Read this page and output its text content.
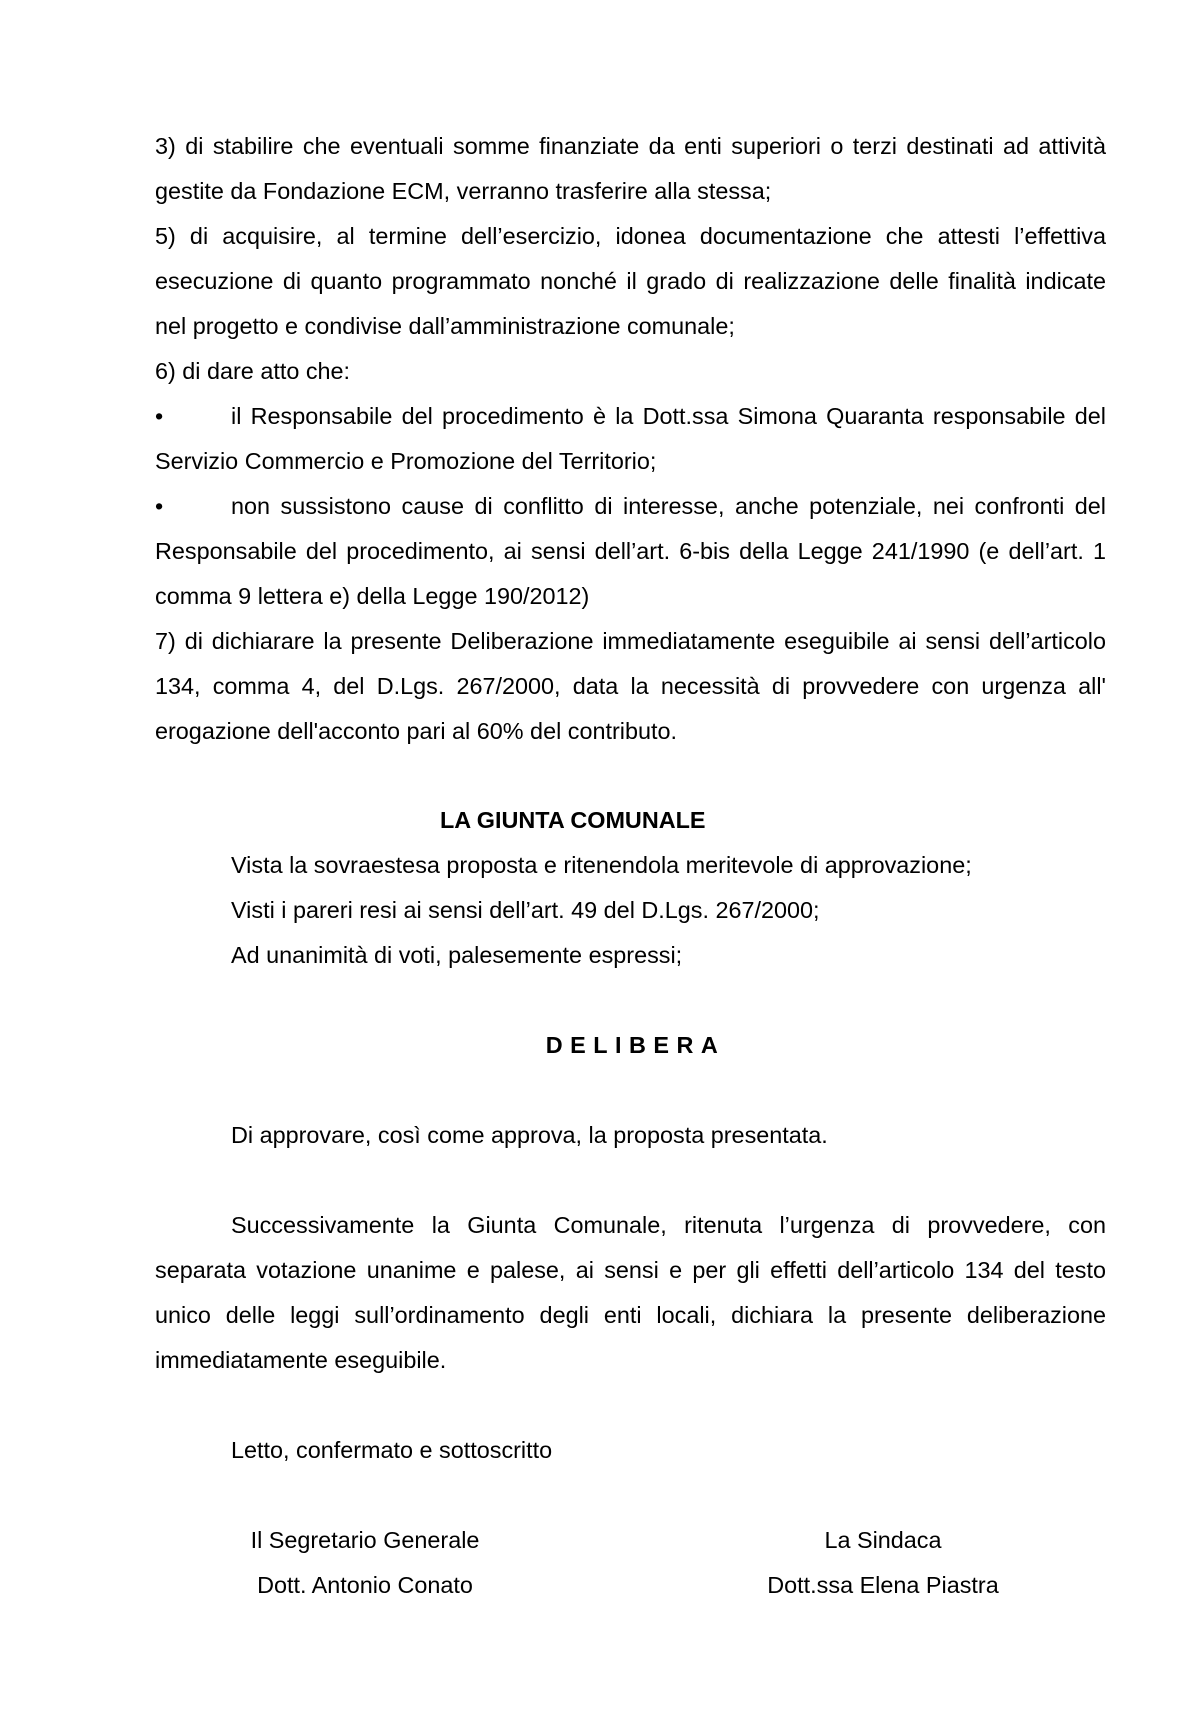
3) di stabilire che eventuali somme finanziate da enti superiori o terzi destinati ad attività gestite da Fondazione ECM, verranno trasferire alla stessa;

5) di acquisire, al termine dell’esercizio, idonea documentazione che attesti l’effettiva esecuzione di quanto programmato nonché il grado di realizzazione delle finalità indicate nel progetto e condivise dall’amministrazione comunale;

6) di dare atto che:

•	il Responsabile del procedimento è la Dott.ssa Simona Quaranta responsabile del Servizio Commercio e Promozione del Territorio;

•	non sussistono cause di conflitto di interesse, anche potenziale, nei confronti del Responsabile del procedimento, ai sensi dell’art. 6-bis della Legge 241/1990 (e dell’art. 1 comma 9 lettera e) della Legge 190/2012)

7) di dichiarare la presente Deliberazione immediatamente eseguibile ai sensi dell’articolo 134, comma 4, del D.Lgs. 267/2000, data la necessità di provvedere con urgenza all' erogazione dell'acconto pari al 60% del contributo.

LA GIUNTA COMUNALE

Vista la sovraestesa proposta e ritenendola meritevole di approvazione;

Visti i pareri resi ai sensi dell’art. 49 del D.Lgs. 267/2000;

Ad unanimità di voti, palesemente espressi;

DELIBERA

Di approvare, così come approva, la proposta presentata.

Successivamente la Giunta Comunale, ritenuta l’urgenza di provvedere, con separata votazione unanime e palese, ai sensi e per gli effetti dell’articolo 134 del testo unico delle leggi sull’ordinamento degli enti locali, dichiara la presente deliberazione immediatamente eseguibile.

Letto, confermato e sottoscritto

Il Segretario Generale
Dott. Antonio Conato
La Sindaca
Dott.ssa Elena Piastra
